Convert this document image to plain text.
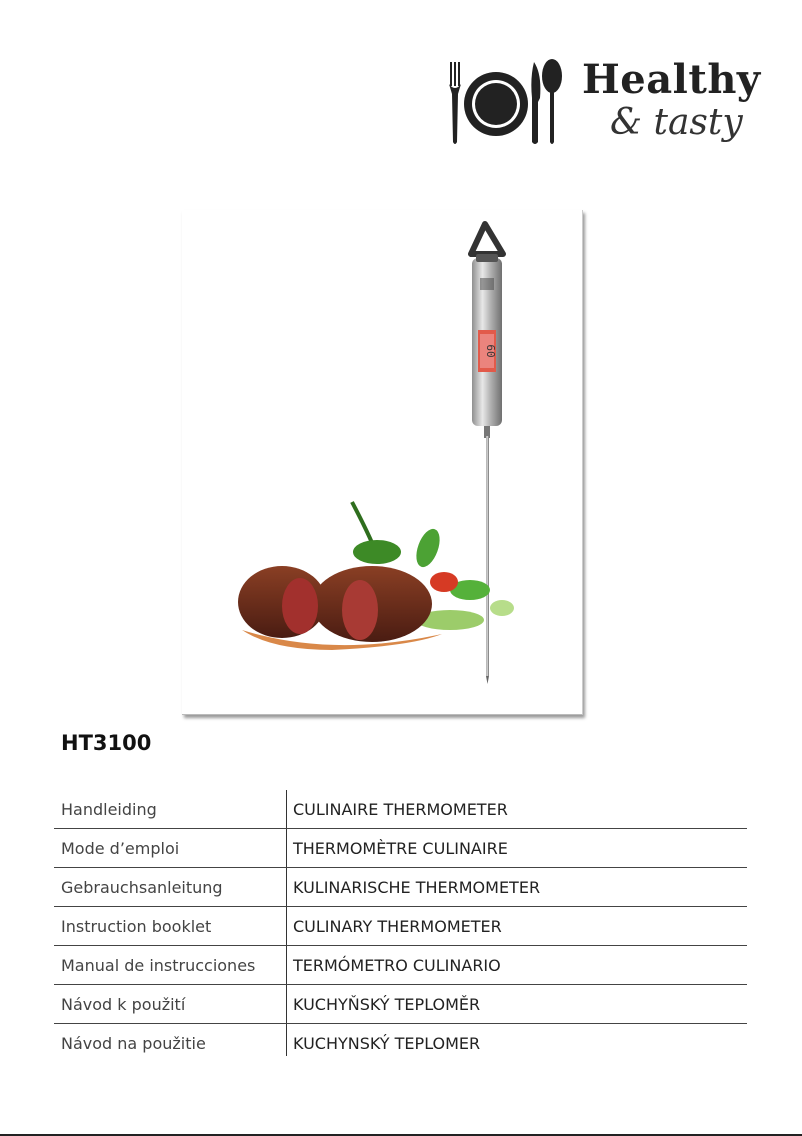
Healthy
& tasty
60
HT3100
Handleiding	CULINAIRE THERMOMETER
Mode d’emploi	THERMOMÈTRE CULINAIRE
Gebrauchsanleitung	KULINARISCHE THERMOMETER
Instruction booklet	CULINARY THERMOMETER
Manual de instrucciones TERMÓMETRO CULINARIO
Návod k použití	KUCHYŇSKÝ TEPLOMĚR
Návod na použitie	KUCHYNSKÝ TEPLOMER
